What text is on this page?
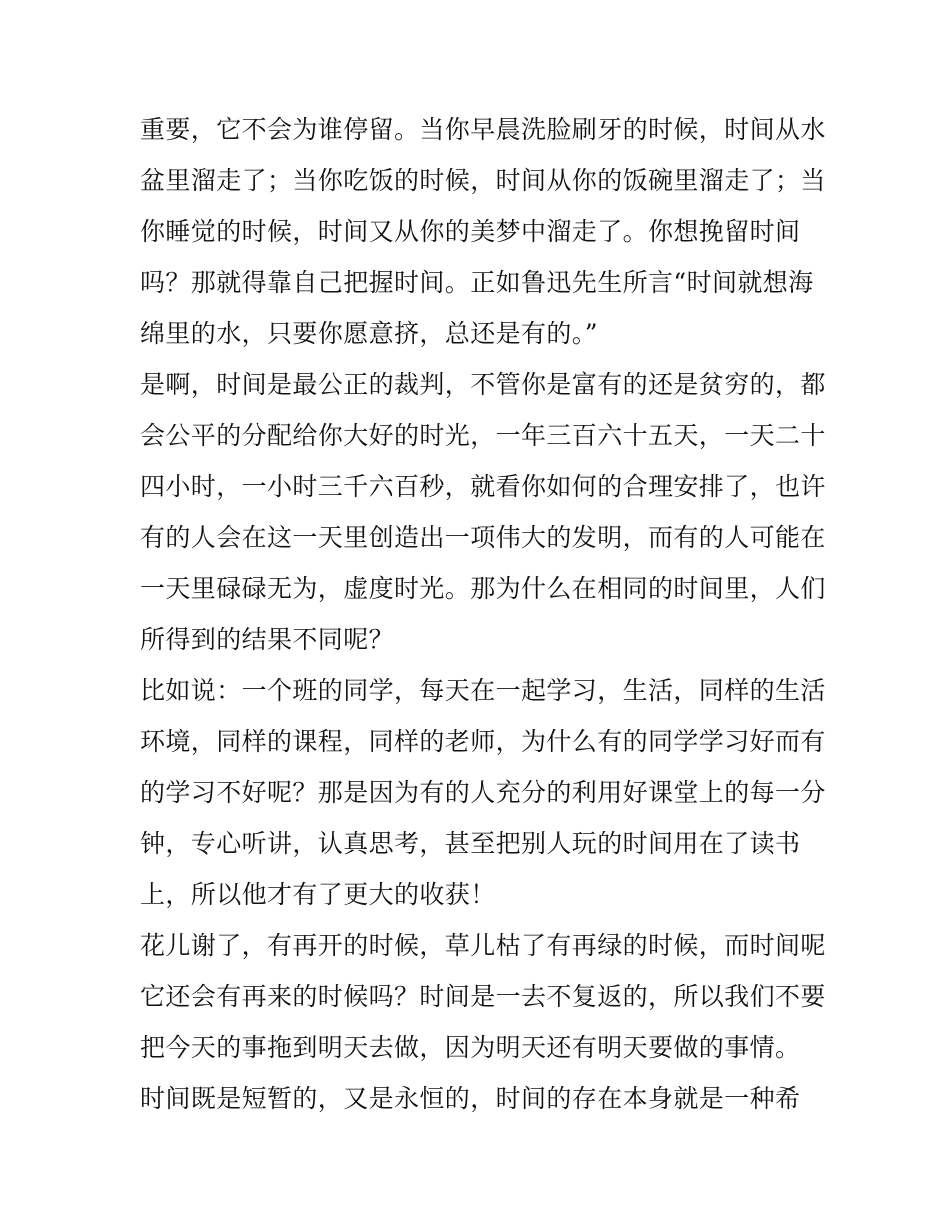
重要，它不会为谁停留。当你早晨洗脸刷牙的时候，时间从水
盆里溜走了；当你吃饭的时候，时间从你的饭碗里溜走了；当
你睡觉的时候，时间又从你的美梦中溜走了。你想挽留时间
吗？那就得靠自己把握时间。正如鲁迅先生所言“时间就想海
绵里的水，只要你愿意挤，总还是有的。”
是啊，时间是最公正的裁判，不管你是富有的还是贫穷的，都
会公平的分配给你大好的时光，一年三百六十五天，一天二十
四小时，一小时三千六百秒，就看你如何的合理安排了，也许
有的人会在这一天里创造出一项伟大的发明，而有的人可能在
一天里碌碌无为，虚度时光。那为什么在相同的时间里，人们
所得到的结果不同呢？
比如说：一个班的同学，每天在一起学习，生活，同样的生活
环境，同样的课程，同样的老师，为什么有的同学学习好而有
的学习不好呢？那是因为有的人充分的利用好课堂上的每一分
钟，专心听讲，认真思考，甚至把别人玩的时间用在了读书
上，所以他才有了更大的收获！
花儿谢了，有再开的时候，草儿枯了有再绿的时候，而时间呢
它还会有再来的时候吗？时间是一去不复返的，所以我们不要
把今天的事拖到明天去做，因为明天还有明天要做的事情。
时间既是短暂的，又是永恒的，时间的存在本身就是一种希
